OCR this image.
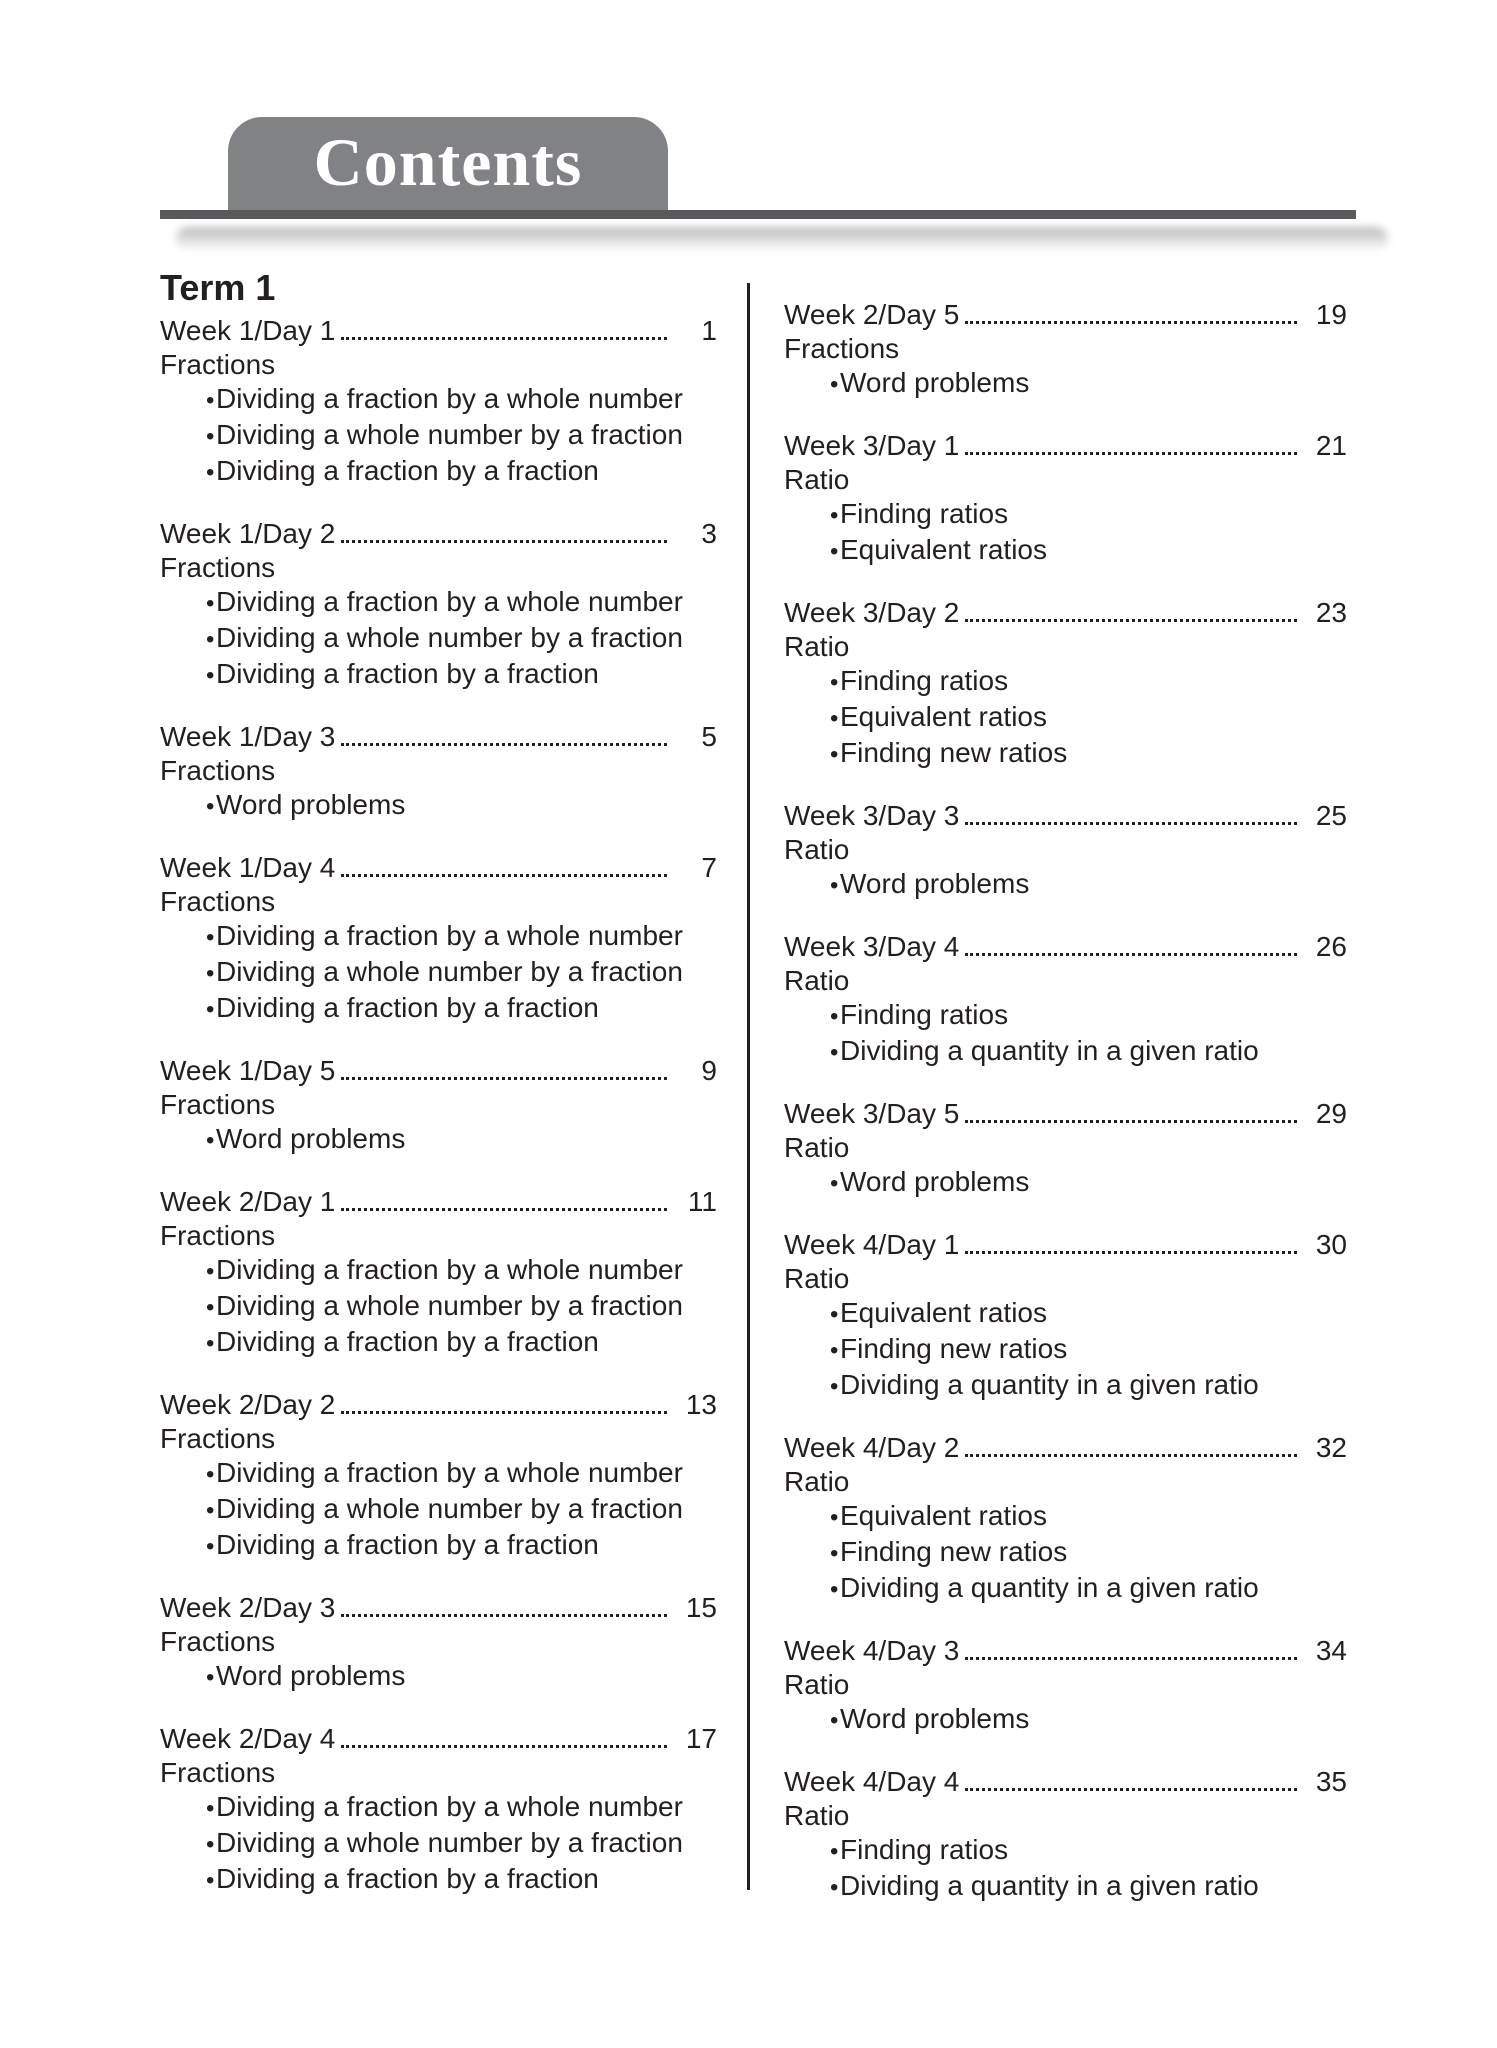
Contents
Term 1
Week 1/Day 1	1
Fractions
• Dividing a fraction by a whole number
• Dividing a whole number by a fraction
• Dividing a fraction by a fraction
Week 1/Day 2	3
Fractions
• Dividing a fraction by a whole number
• Dividing a whole number by a fraction
• Dividing a fraction by a fraction
Week 1/Day 3	5
Fractions
• Word problems
Week 1/Day 4	7
Fractions
• Dividing a fraction by a whole number
• Dividing a whole number by a fraction
• Dividing a fraction by a fraction
Week 1/Day 5	9
Fractions
• Word problems
Week 2/Day 1	11
Fractions
• Dividing a fraction by a whole number
• Dividing a whole number by a fraction
• Dividing a fraction by a fraction
Week 2/Day 2	13
Fractions
• Dividing a fraction by a whole number
• Dividing a whole number by a fraction
• Dividing a fraction by a fraction
Week 2/Day 3	15
Fractions
• Word problems
Week 2/Day 4	17
Fractions
• Dividing a fraction by a whole number
• Dividing a whole number by a fraction
• Dividing a fraction by a fraction
Week 2/Day 5	19
Fractions
• Word problems
Week 3/Day 1	21
Ratio
• Finding ratios
• Equivalent ratios
Week 3/Day 2	23
Ratio
• Finding ratios
• Equivalent ratios
• Finding new ratios
Week 3/Day 3	25
Ratio
• Word problems
Week 3/Day 4	26
Ratio
• Finding ratios
• Dividing a quantity in a given ratio
Week 3/Day 5	29
Ratio
• Word problems
Week 4/Day 1	30
Ratio
• Equivalent ratios
• Finding new ratios
• Dividing a quantity in a given ratio
Week 4/Day 2	32
Ratio
• Equivalent ratios
• Finding new ratios
• Dividing a quantity in a given ratio
Week 4/Day 3	34
Ratio
• Word problems
Week 4/Day 4	35
Ratio
• Finding ratios
• Dividing a quantity in a given ratio
